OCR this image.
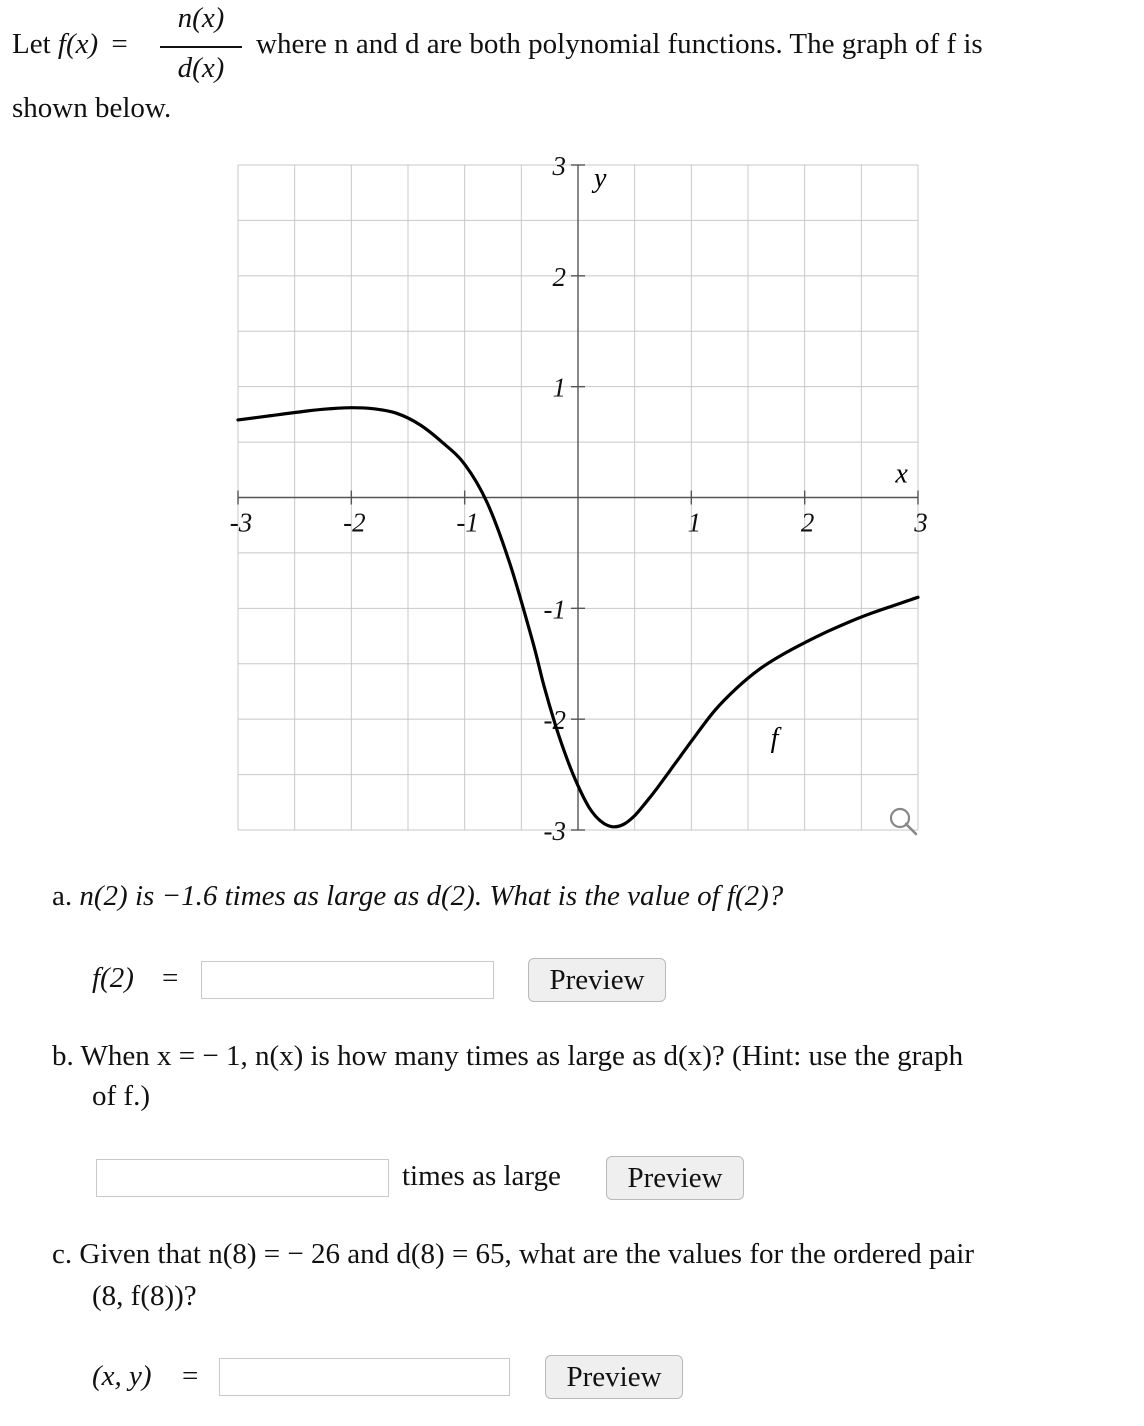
Let f(x) =
n(x)
d(x)
where n and d are both polynomial functions. The graph of f is
shown below.
-3	-2	-1	1	2	3
3
2
1
-1
-2
-3
x
y
f
a. n(2) is −1.6 times as large as d(2). What is the value of f(2)?
f(2) =	Preview
b. When x = − 1, n(x) is how many times as large as d(x)? (Hint: use the graph
of f.)
times as large	Preview
c. Given that n(8) = − 26 and d(8) = 65, what are the values for the ordered pair
(8, f(8))?
(x, y) =	Preview
